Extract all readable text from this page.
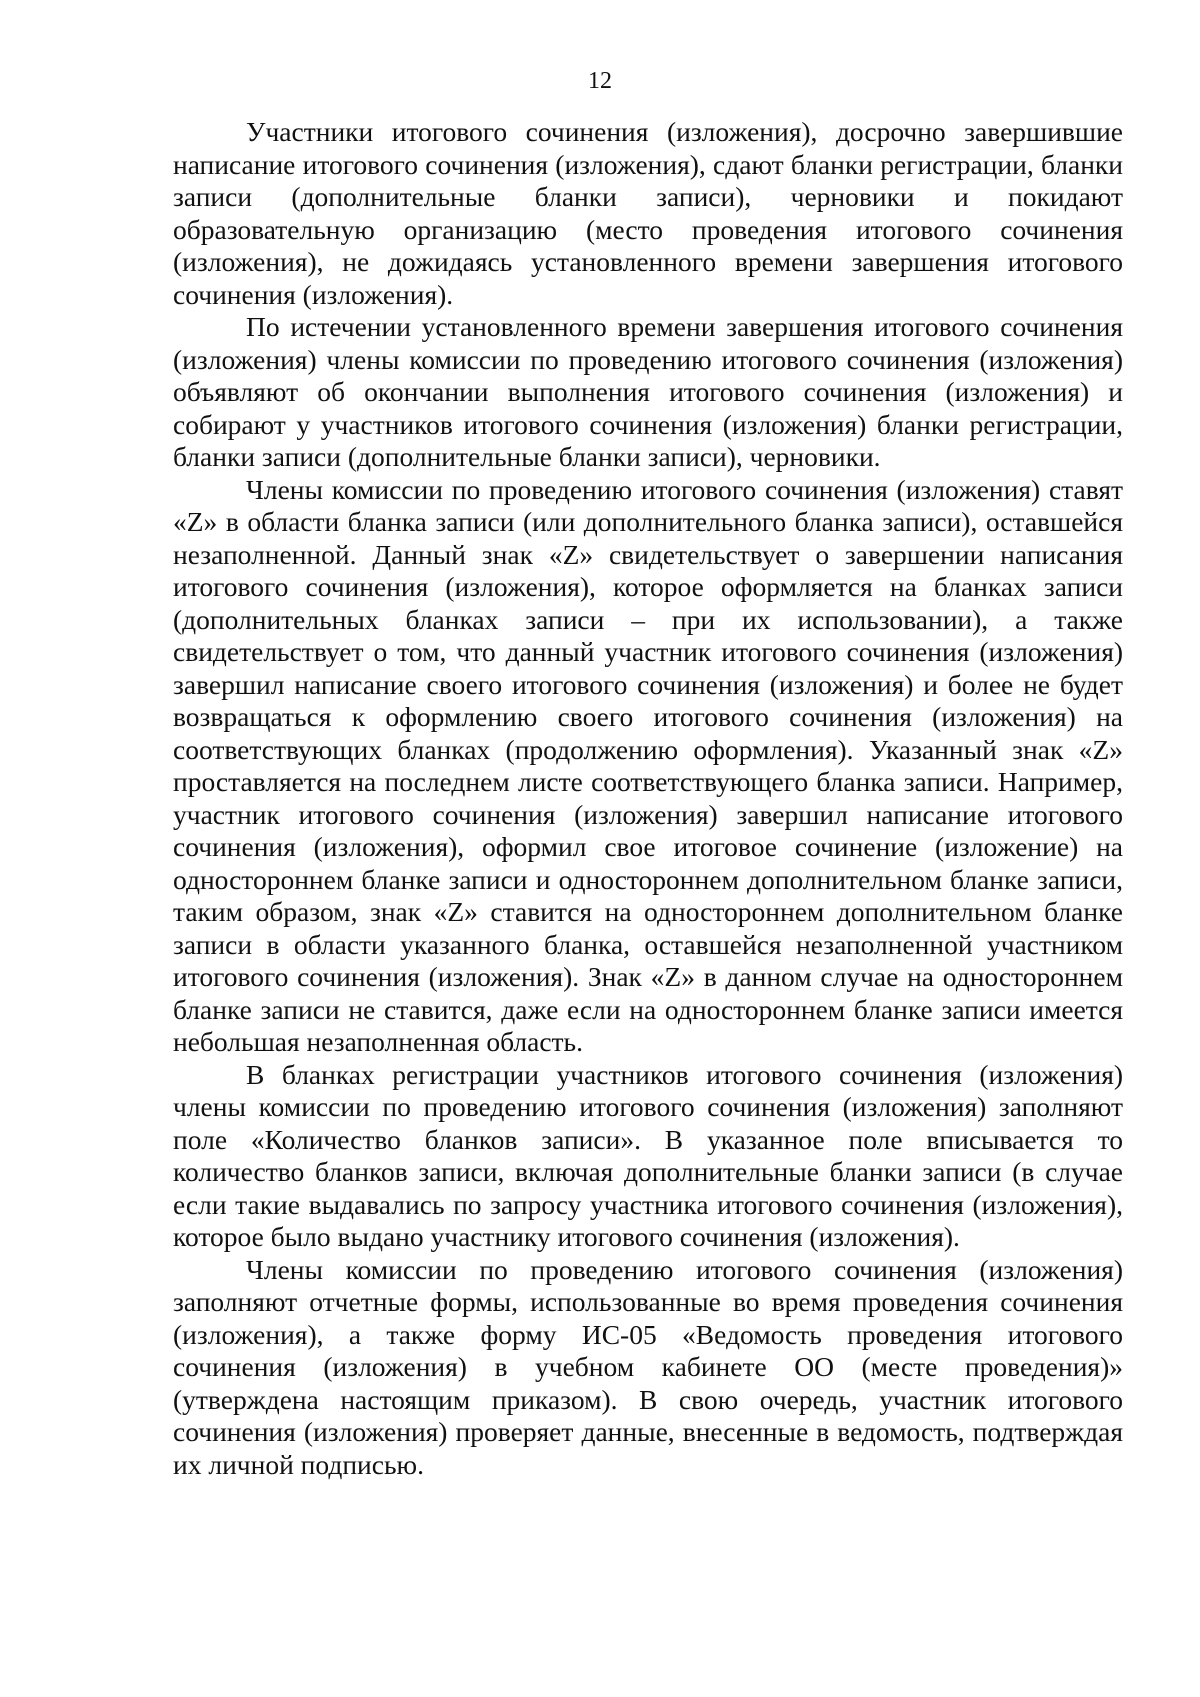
12

Участники итогового сочинения (изложения), досрочно завершившие написание итогового сочинения (изложения), сдают бланки регистрации, бланки записи (дополнительные бланки записи), черновики и покидают образовательную организацию (место проведения итогового сочинения (изложения), не дожидаясь установленного времени завершения итогового сочинения (изложения).

По истечении установленного времени завершения итогового сочинения (изложения) члены комиссии по проведению итогового сочинения (изложения) объявляют об окончании выполнения итогового сочинения (изложения) и собирают у участников итогового сочинения (изложения) бланки регистрации, бланки записи (дополнительные бланки записи), черновики.

Члены комиссии по проведению итогового сочинения (изложения) ставят «Z» в области бланка записи (или дополнительного бланка записи), оставшейся незаполненной. Данный знак «Z» свидетельствует о завершении написания итогового сочинения (изложения), которое оформляется на бланках записи (дополнительных бланках записи – при их использовании), а также свидетельствует о том, что данный участник итогового сочинения (изложения) завершил написание своего итогового сочинения (изложения) и более не будет возвращаться к оформлению своего итогового сочинения (изложения) на соответствующих бланках (продолжению оформления). Указанный знак «Z» проставляется на последнем листе соответствующего бланка записи. Например, участник итогового сочинения (изложения) завершил написание итогового сочинения (изложения), оформил свое итоговое сочинение (изложение) на одностороннем бланке записи и одностороннем дополнительном бланке записи, таким образом, знак «Z» ставится на одностороннем дополнительном бланке записи в области указанного бланка, оставшейся незаполненной участником итогового сочинения (изложения). Знак «Z» в данном случае на одностороннем бланке записи не ставится, даже если на одностороннем бланке записи имеется небольшая незаполненная область.

В бланках регистрации участников итогового сочинения (изложения) члены комиссии по проведению итогового сочинения (изложения) заполняют поле «Количество бланков записи». В указанное поле вписывается то количество бланков записи, включая дополнительные бланки записи (в случае если такие выдавались по запросу участника итогового сочинения (изложения), которое было выдано участнику итогового сочинения (изложения).

Члены комиссии по проведению итогового сочинения (изложения) заполняют отчетные формы, использованные во время проведения сочинения (изложения), а также форму ИС-05 «Ведомость проведения итогового сочинения (изложения) в учебном кабинете ОО (месте проведения)» (утверждена настоящим приказом). В свою очередь, участник итогового сочинения (изложения) проверяет данные, внесенные в ведомость, подтверждая их личной подписью.
